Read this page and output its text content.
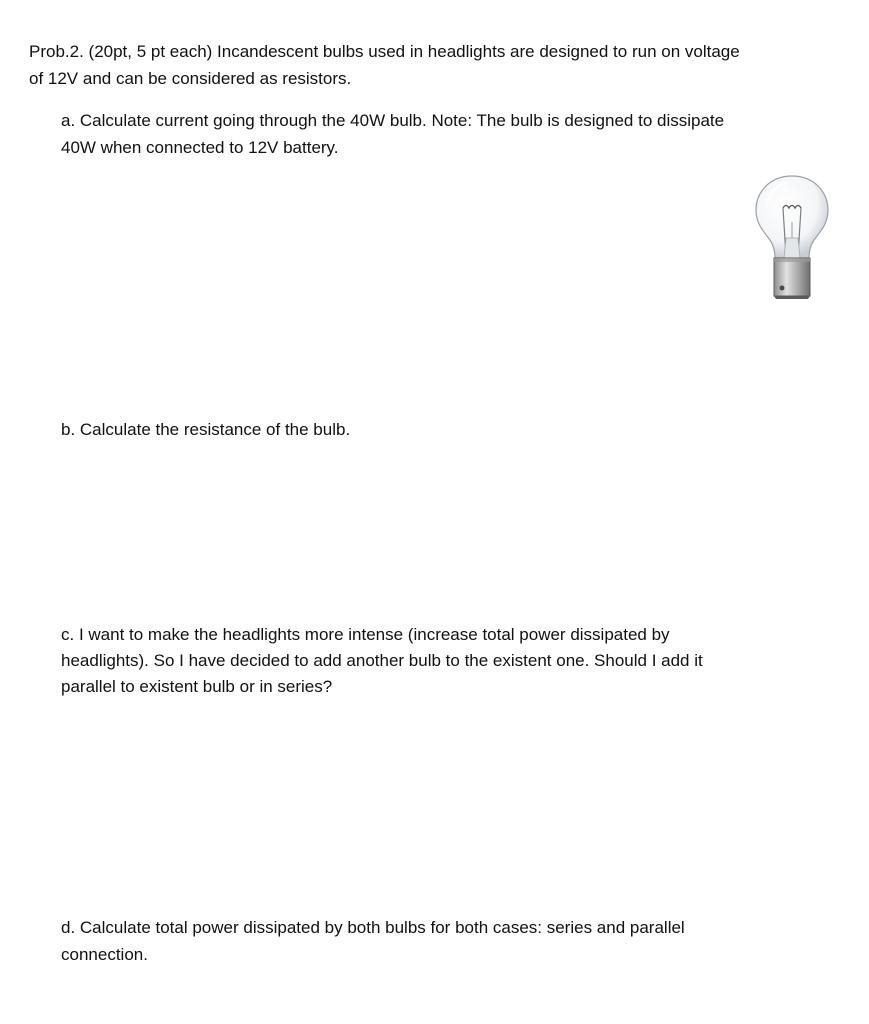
Prob.2. (20pt, 5 pt each) Incandescent bulbs used in headlights are designed to run on voltage

of 12V and can be considered as resistors.

a. Calculate current going through the 40W bulb. Note: The bulb is designed to dissipate

40W when connected to 12V battery.

b. Calculate the resistance of the bulb.

c. I want to make the headlights more intense (increase total power dissipated by

headlights). So I have decided to add another bulb to the existent one. Should I add it

parallel to existent bulb or in series?

d. Calculate total power dissipated by both bulbs for both cases: series and parallel

connection.
